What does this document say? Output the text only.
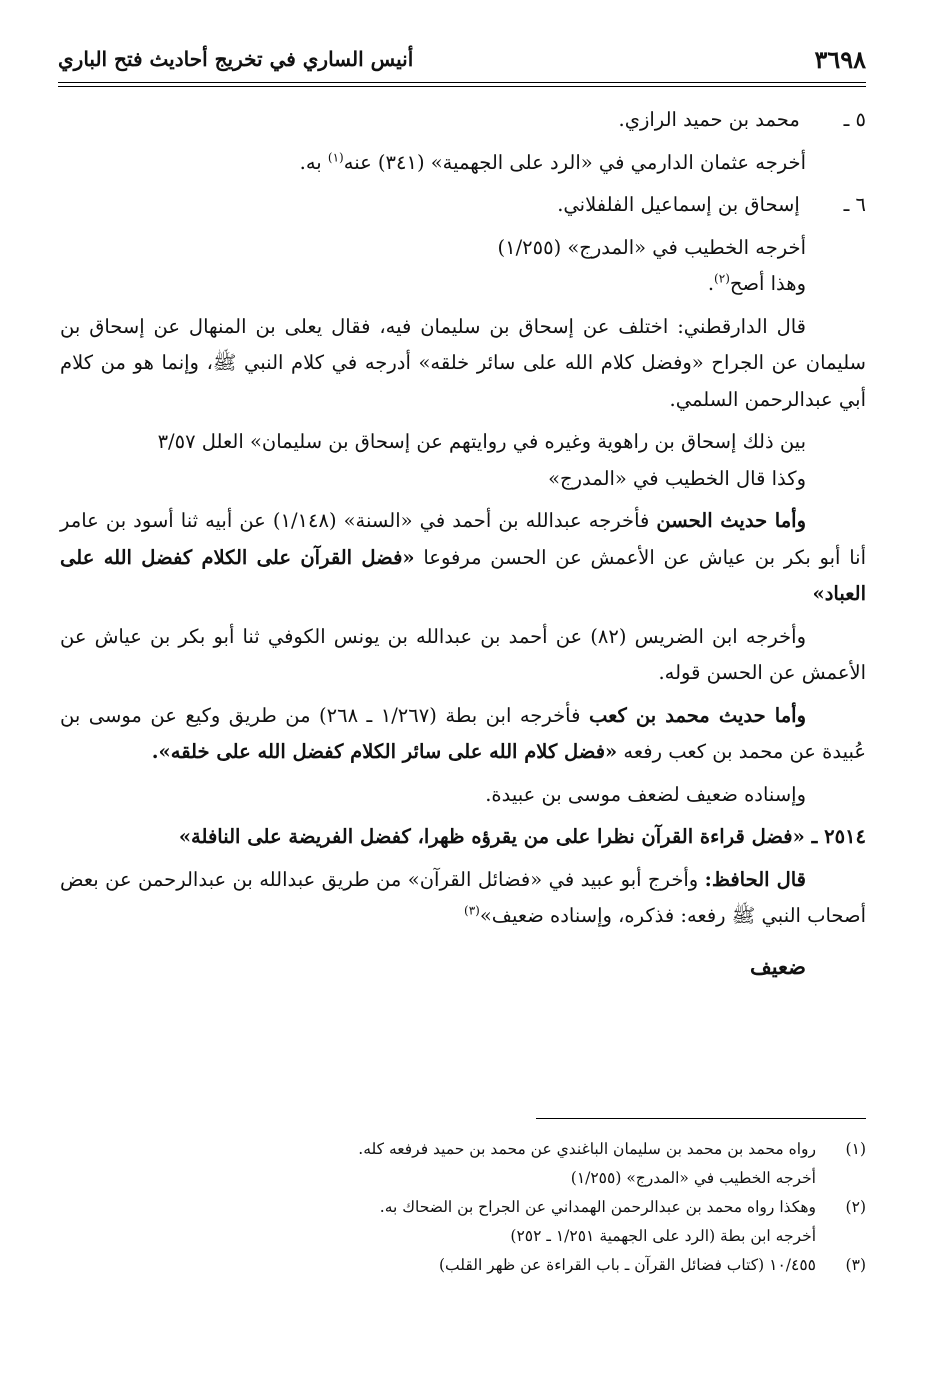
٣٦٩٨
أنيس الساري في تخريج أحاديث فتح الباري
٥ ـ محمد بن حميد الرازي.
أخرجه عثمان الدارمي في «الرد على الجهمية» (٣٤١) عنه$^{(١)}$ به.
٦ ـ إسحاق بن إسماعيل الفلفلاني.
أخرجه الخطيب في «المدرج» (١/٢٥٥)
وهذا أصح$^{(٢)}$.
قال الدارقطني: اختلف عن إسحاق بن سليمان فيه، فقال يعلى بن المنهال عن إسحاق بن سليمان عن الجراح «وفضل كلام الله على سائر خلقه» أدرجه في كلام النبي ﷺ، وإنما هو من كلام أبي عبدالرحمن السلمي.
بين ذلك إسحاق بن راهوية وغيره في روايتهم عن إسحاق بن سليمان» العلل ٣/٥٧
وكذا قال الخطيب في «المدرج»
وأما حديث الحسن فأخرجه عبدالله بن أحمد في «السنة» (١/١٤٨) عن أبيه ثنا أسود بن عامر أنا أبو بكر بن عياش عن الأعمش عن الحسن مرفوعا «فضل القرآن على الكلام كفضل الله على العباد»
وأخرجه ابن الضريس (٨٢) عن أحمد بن عبدالله بن يونس الكوفي ثنا أبو بكر بن عياش عن الأعمش عن الحسن قوله.
وأما حديث محمد بن كعب فأخرجه ابن بطة (١/٢٦٧ ـ ٢٦٨) من طريق وكيع عن موسى بن عُبيدة عن محمد بن كعب رفعه «فضل كلام الله على سائر الكلام كفضل الله على خلقه».
وإسناده ضعيف لضعف موسى بن عبيدة.
٢٥١٤ ـ «فضل قراءة القرآن نظرا على من يقرؤه ظهرا، كفضل الفريضة على النافلة»
قال الحافظ: وأخرج أبو عبيد في «فضائل القرآن» من طريق عبدالله بن عبدالرحمن عن بعض أصحاب النبي ﷺ رفعه: فذكره، وإسناده ضعيف»$^{(٣)}$
ضعيف
(١)
رواه محمد بن محمد بن سليمان الباغندي عن محمد بن حميد فرفعه كله.
أخرجه الخطيب في «المدرج» (١/٢٥٥)
(٢)
وهكذا رواه محمد بن عبدالرحمن الهمداني عن الجراح بن الضحاك به.
أخرجه ابن بطة (الرد على الجهمية ١/٢٥١ ـ ٢٥٢)
(٣)
١٠/٤٥٥ (كتاب فضائل القرآن ـ باب القراءة عن ظهر القلب)
